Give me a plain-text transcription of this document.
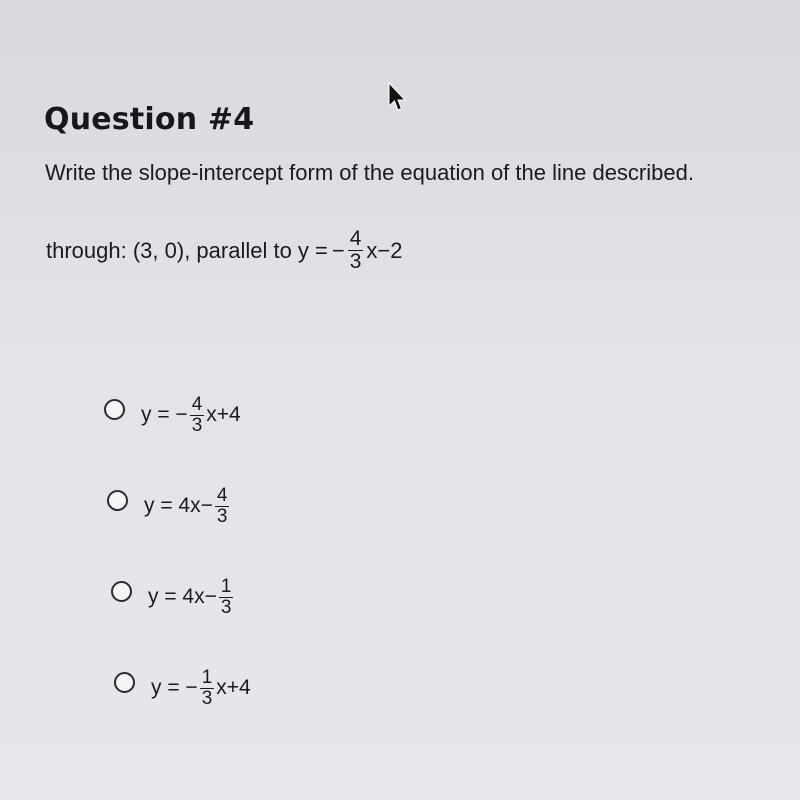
Question #4
Write the slope-intercept form of the equation of the line described.
through: (3, 0), parallel to y = − $\frac{4}{3} x-2$
y = − $\frac{4}{3} x+4$
$y = 4x- \frac{4}{3}$
$y = 4x- \frac{1}{3}$
y = − $\frac{1}{3} x+4$
